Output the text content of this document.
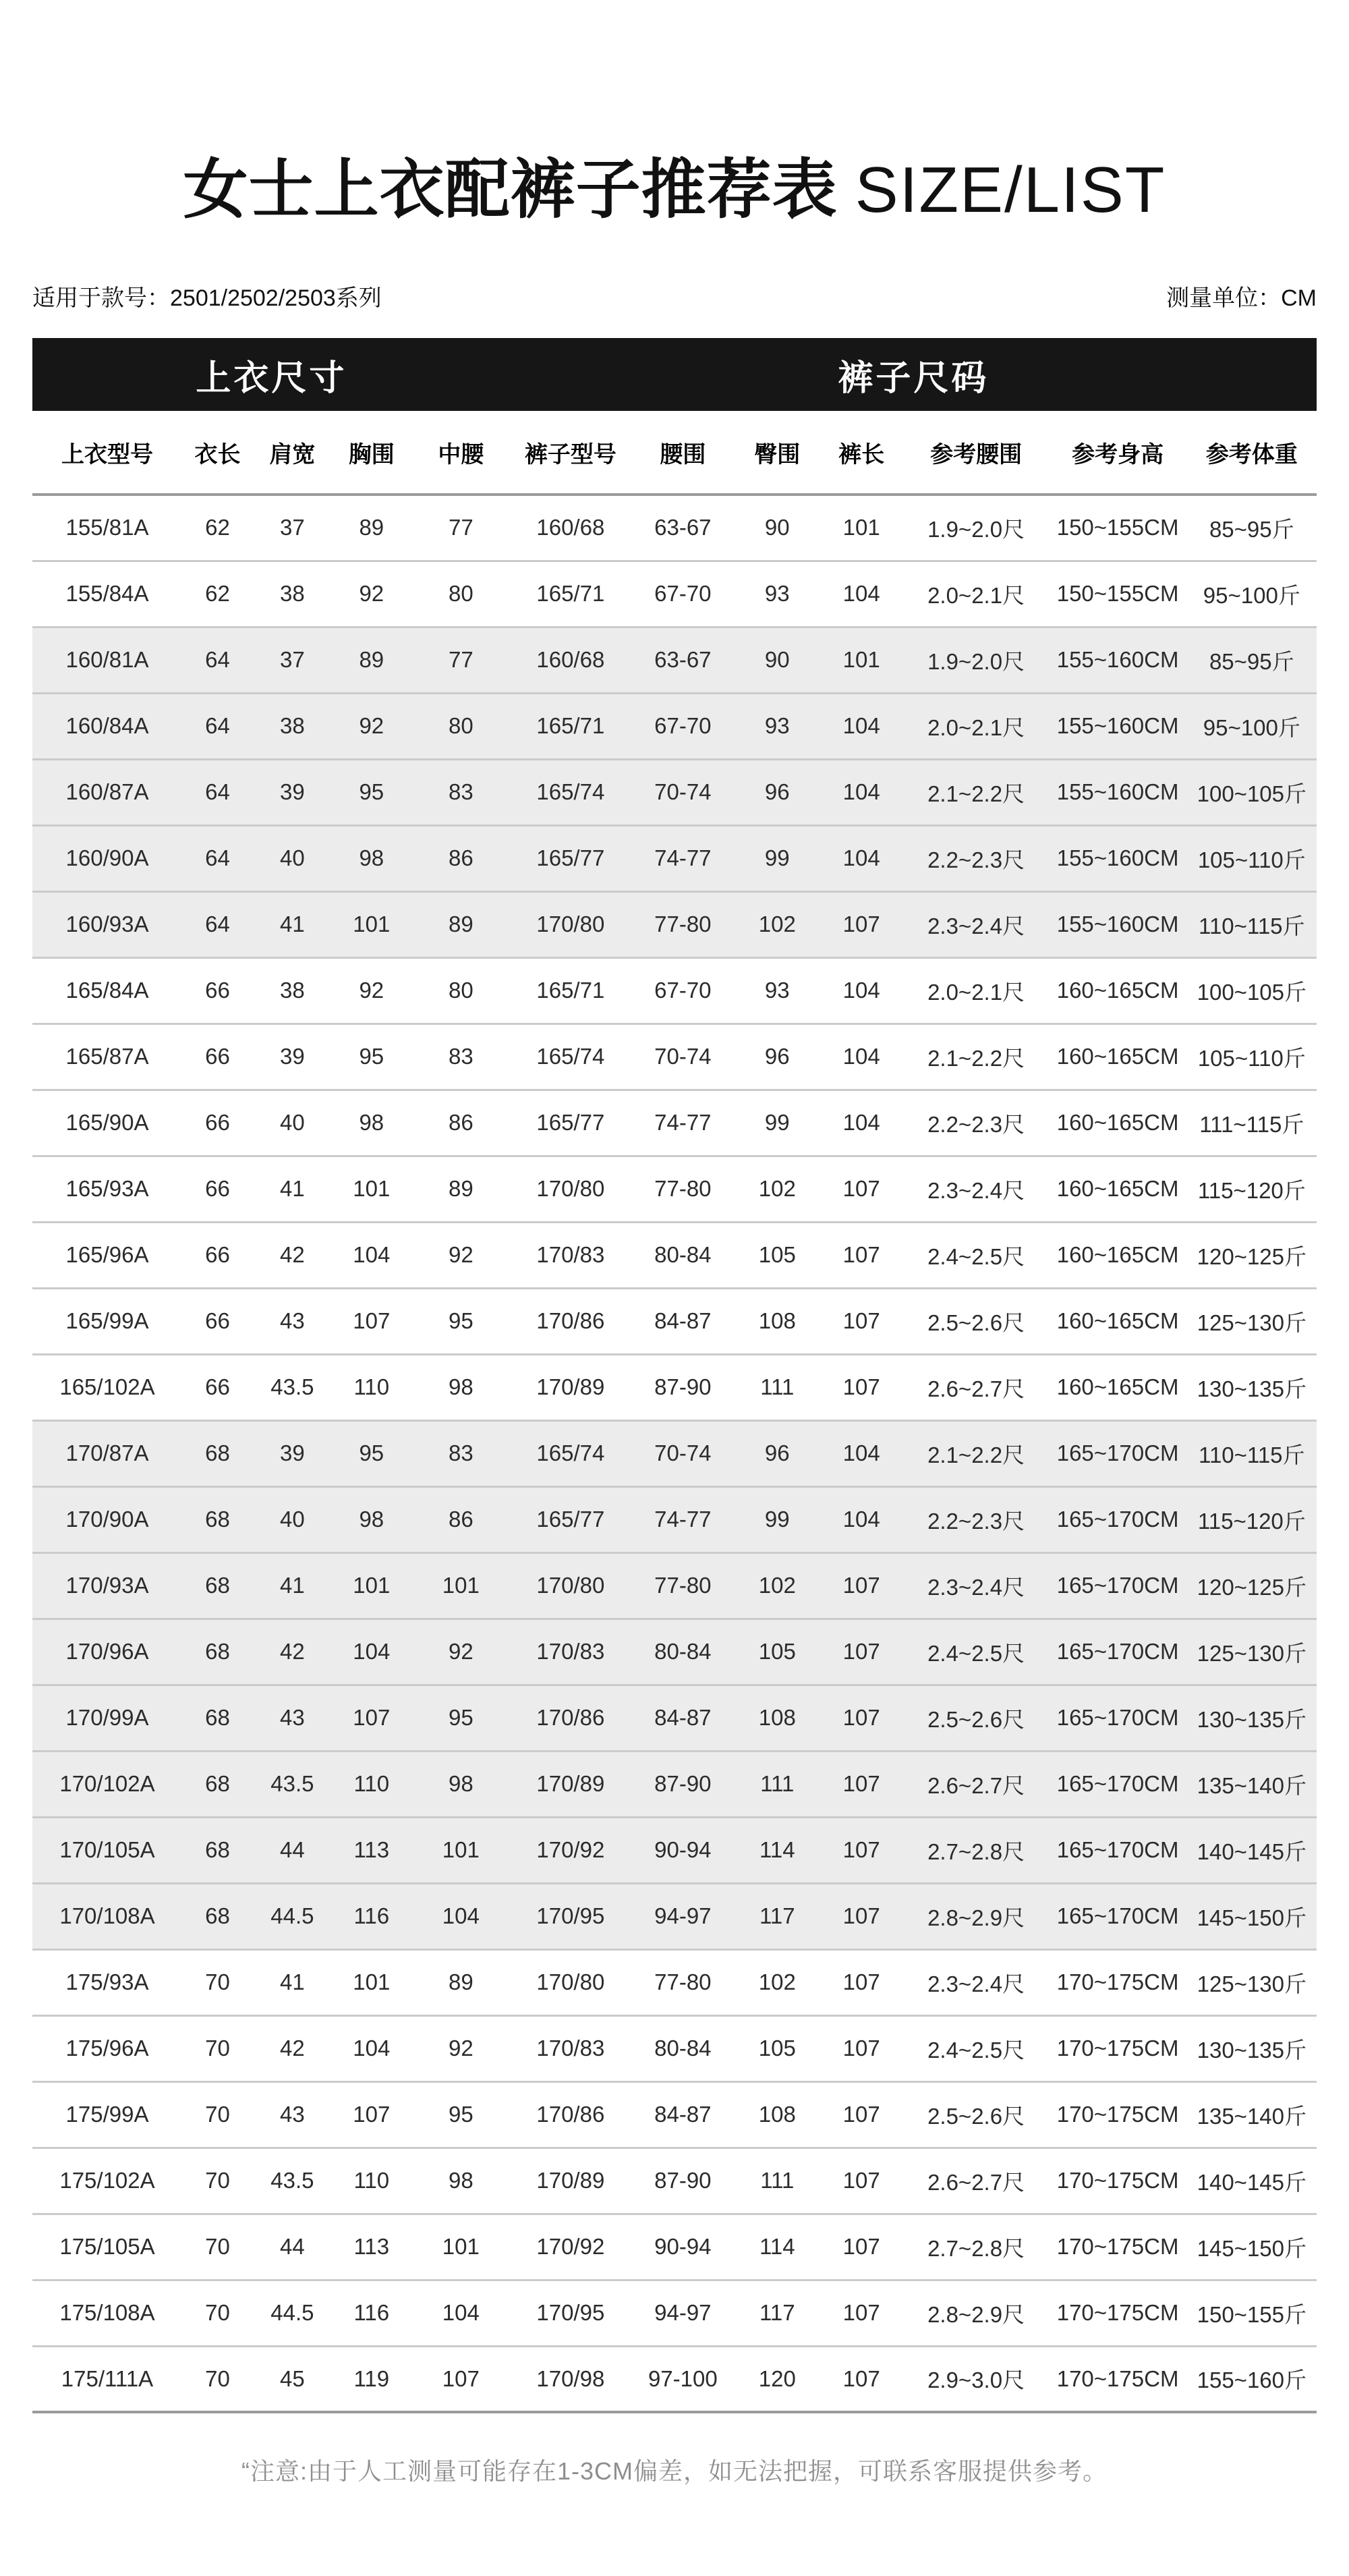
女士上衣配裤子推荐表 SIZE/LIST
适用于款号：2501/2502/2503系列	测量单位：CM
上衣尺寸					裤子尺码						
上衣型号	衣长	肩宽	胸围	中腰	裤子型号	腰围	臀围	裤长	参考腰围	参考身高	参考体重
155/81A	62	37	89	77	160/68	63-67	90	101	1.9~2.0尺	150~155CM	85~95斤
155/84A	62	38	92	80	165/71	67-70	93	104	2.0~2.1尺	150~155CM	95~100斤
160/81A	64	37	89	77	160/68	63-67	90	101	1.9~2.0尺	155~160CM	85~95斤
160/84A	64	38	92	80	165/71	67-70	93	104	2.0~2.1尺	155~160CM	95~100斤
160/87A	64	39	95	83	165/74	70-74	96	104	2.1~2.2尺	155~160CM	100~105斤
160/90A	64	40	98	86	165/77	74-77	99	104	2.2~2.3尺	155~160CM	105~110斤
160/93A	64	41	101	89	170/80	77-80	102	107	2.3~2.4尺	155~160CM	110~115斤
165/84A	66	38	92	80	165/71	67-70	93	104	2.0~2.1尺	160~165CM	100~105斤
165/87A	66	39	95	83	165/74	70-74	96	104	2.1~2.2尺	160~165CM	105~110斤
165/90A	66	40	98	86	165/77	74-77	99	104	2.2~2.3尺	160~165CM	111~115斤
165/93A	66	41	101	89	170/80	77-80	102	107	2.3~2.4尺	160~165CM	115~120斤
165/96A	66	42	104	92	170/83	80-84	105	107	2.4~2.5尺	160~165CM	120~125斤
165/99A	66	43	107	95	170/86	84-87	108	107	2.5~2.6尺	160~165CM	125~130斤
165/102A	66	43.5	110	98	170/89	87-90	111	107	2.6~2.7尺	160~165CM	130~135斤
170/87A	68	39	95	83	165/74	70-74	96	104	2.1~2.2尺	165~170CM	110~115斤
170/90A	68	40	98	86	165/77	74-77	99	104	2.2~2.3尺	165~170CM	115~120斤
170/93A	68	41	101	101	170/80	77-80	102	107	2.3~2.4尺	165~170CM	120~125斤
170/96A	68	42	104	92	170/83	80-84	105	107	2.4~2.5尺	165~170CM	125~130斤
170/99A	68	43	107	95	170/86	84-87	108	107	2.5~2.6尺	165~170CM	130~135斤
170/102A	68	43.5	110	98	170/89	87-90	111	107	2.6~2.7尺	165~170CM	135~140斤
170/105A	68	44	113	101	170/92	90-94	114	107	2.7~2.8尺	165~170CM	140~145斤
170/108A	68	44.5	116	104	170/95	94-97	117	107	2.8~2.9尺	165~170CM	145~150斤
175/93A	70	41	101	89	170/80	77-80	102	107	2.3~2.4尺	170~175CM	125~130斤
175/96A	70	42	104	92	170/83	80-84	105	107	2.4~2.5尺	170~175CM	130~135斤
175/99A	70	43	107	95	170/86	84-87	108	107	2.5~2.6尺	170~175CM	135~140斤
175/102A	70	43.5	110	98	170/89	87-90	111	107	2.6~2.7尺	170~175CM	140~145斤
175/105A	70	44	113	101	170/92	90-94	114	107	2.7~2.8尺	170~175CM	145~150斤
175/108A	70	44.5	116	104	170/95	94-97	117	107	2.8~2.9尺	170~175CM	150~155斤
175/111A	70	45	119	107	170/98	97-100	120	107	2.9~3.0尺	170~175CM	155~160斤

“注意:由于人工测量可能存在1-3CM偏差，如无法把握，可联系客服提供参考。
